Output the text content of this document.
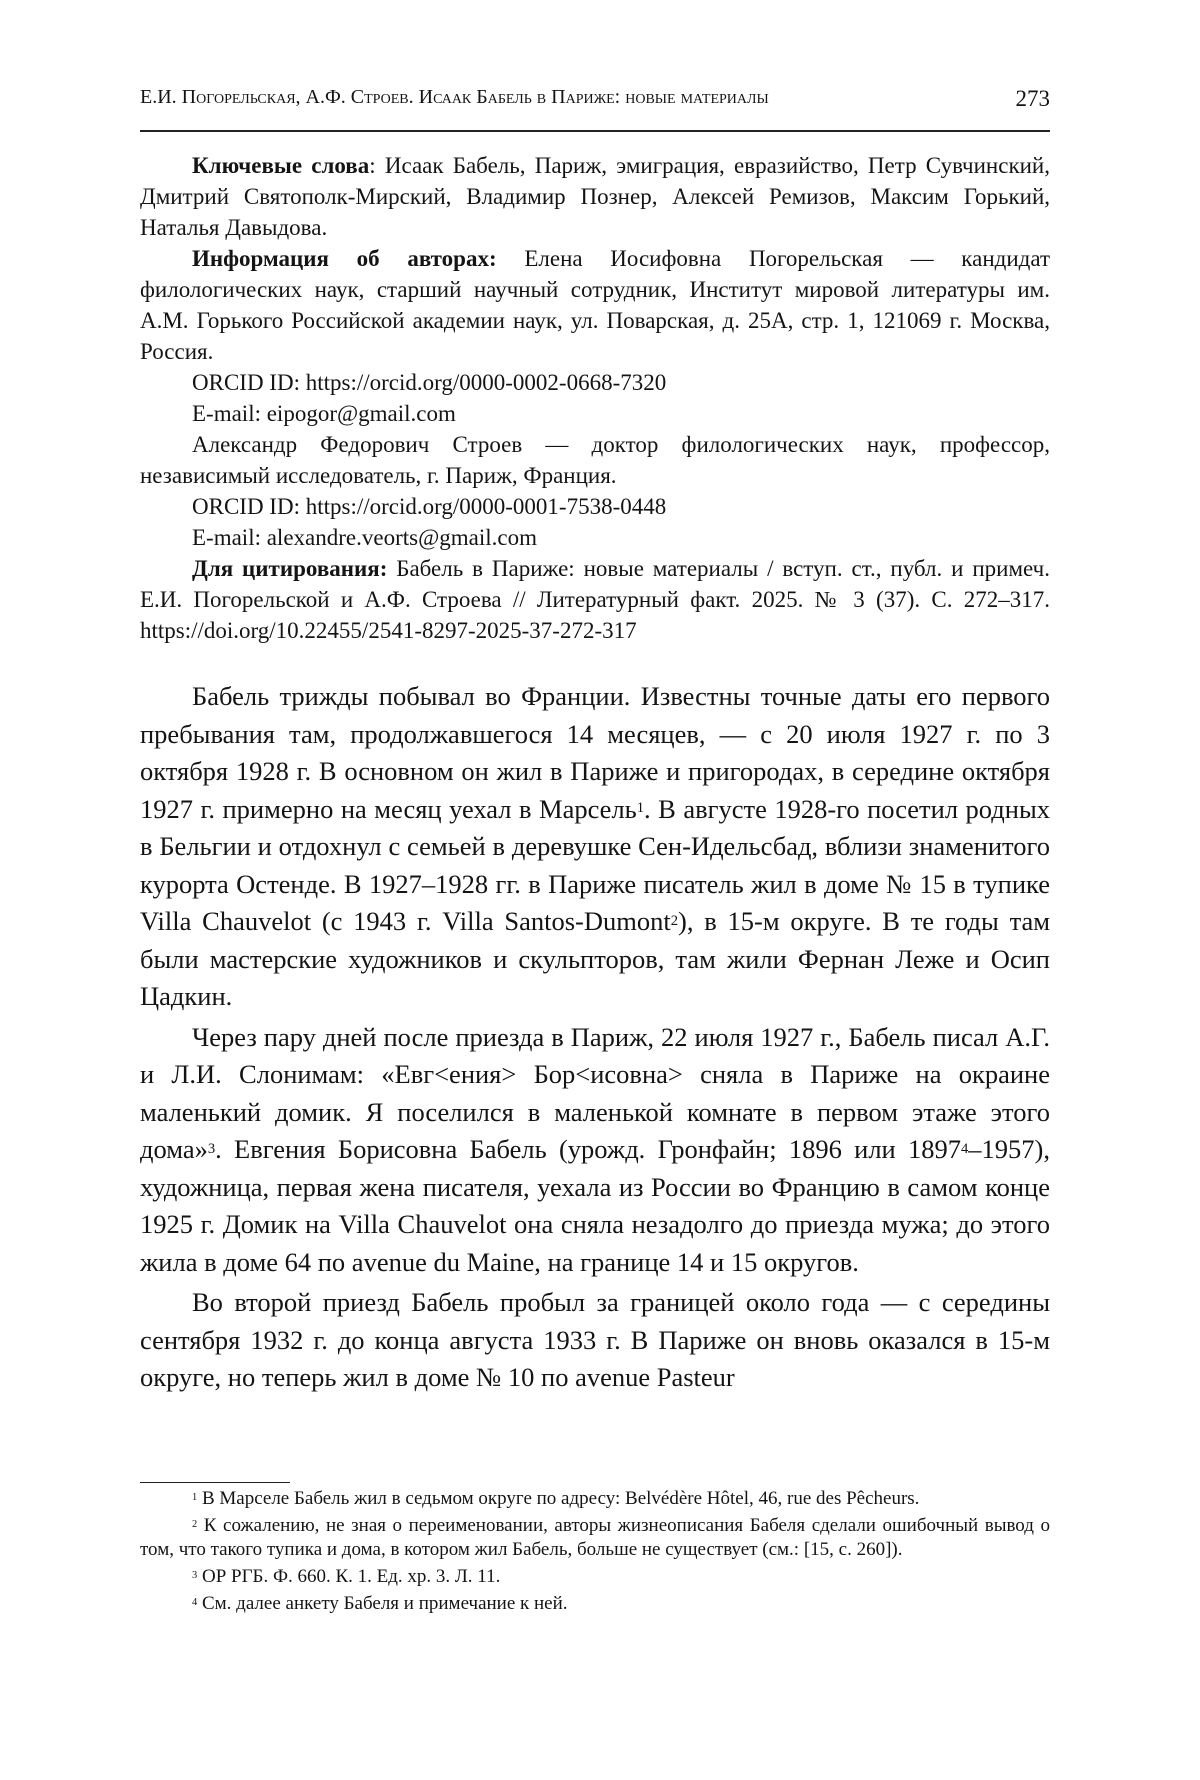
Е.И. Погорельская, А.Ф. Строев. Исаак Бабель в Париже: новые материалы	273

Ключевые слова: Исаак Бабель, Париж, эмиграция, евразийство, Петр Сувчинский, Дмитрий Святополк-Мирский, Владимир Познер, Алексей Ремизов, Максим Горький, Наталья Давыдова.

Информация об авторах: Елена Иосифовна Погорельская — кандидат филологических наук, старший научный сотрудник, Институт мировой литературы им. А.М. Горького Российской академии наук, ул. Поварская, д. 25А, стр. 1, 121069 г. Москва, Россия.

ORCID ID: https://orcid.org/0000-0002-0668-7320

E-mail: eipogor@gmail.com

Александр Федорович Строев — доктор филологических наук, профессор, независимый исследователь, г. Париж, Франция.

ORCID ID: https://orcid.org/0000-0001-7538-0448

E-mail: alexandre.veorts@gmail.com

Для цитирования: Бабель в Париже: новые материалы / вступ. ст., публ. и примеч. Е.И. Погорельской и А.Ф. Строева // Литературный факт. 2025. № 3 (37). С. 272–317. https://doi.org/10.22455/2541-8297-2025-37-272-317

Бабель трижды побывал во Франции. Известны точные даты его первого пребывания там, продолжавшегося 14 месяцев, — с 20 июля 1927 г. по 3 октября 1928 г. В основном он жил в Париже и пригородах, в середине октября 1927 г. примерно на месяц уехал в Марсель$^1$. В августе 1928-го посетил родных в Бельгии и отдохнул с семьей в деревушке Сен-Идельсбад, вблизи знаменитого курорта Остенде. В 1927–1928 гг. в Париже писатель жил в доме № 15 в тупике Villa Chauvelot (с 1943 г. Villa Santos-Dumont$^2$), в 15-м округе. В те годы там были мастерские художников и скульпторов, там жили Фернан Леже и Осип Цадкин.

Через пару дней после приезда в Париж, 22 июля 1927 г., Бабель писал А.Г. и Л.И. Слонимам: «Евг<ения> Бор<исовна> сняла в Париже на окраине маленький домик. Я поселился в маленькой комнате в первом этаже этого дома»$^3$. Евгения Борисовна Бабель (урожд. Гронфайн; 1896 или 1897$^4$–1957), художница, первая жена писателя, уехала из России во Францию в самом конце 1925 г. Домик на Villa Chauvelot она сняла незадолго до приезда мужа; до этого жила в доме 64 по avenue du Maine, на границе 14 и 15 округов.

Во второй приезд Бабель пробыл за границей около года — с середины сентября 1932 г. до конца августа 1933 г. В Париже он вновь оказался в 15-м округе, но теперь жил в доме № 10 по avenue Pasteur

$^1$ В Марселе Бабель жил в седьмом округе по адресу: Belvédère Hôtel, 46, rue des Pêcheurs.

$^2$ К сожалению, не зная о переименовании, авторы жизнеописания Бабеля сделали ошибочный вывод о том, что такого тупика и дома, в котором жил Бабель, больше не существует (см.: [15, с. 260]).

$^3$ ОР РГБ. Ф. 660. К. 1. Ед. хр. 3. Л. 11.

$^4$ См. далее анкету Бабеля и примечание к ней.
